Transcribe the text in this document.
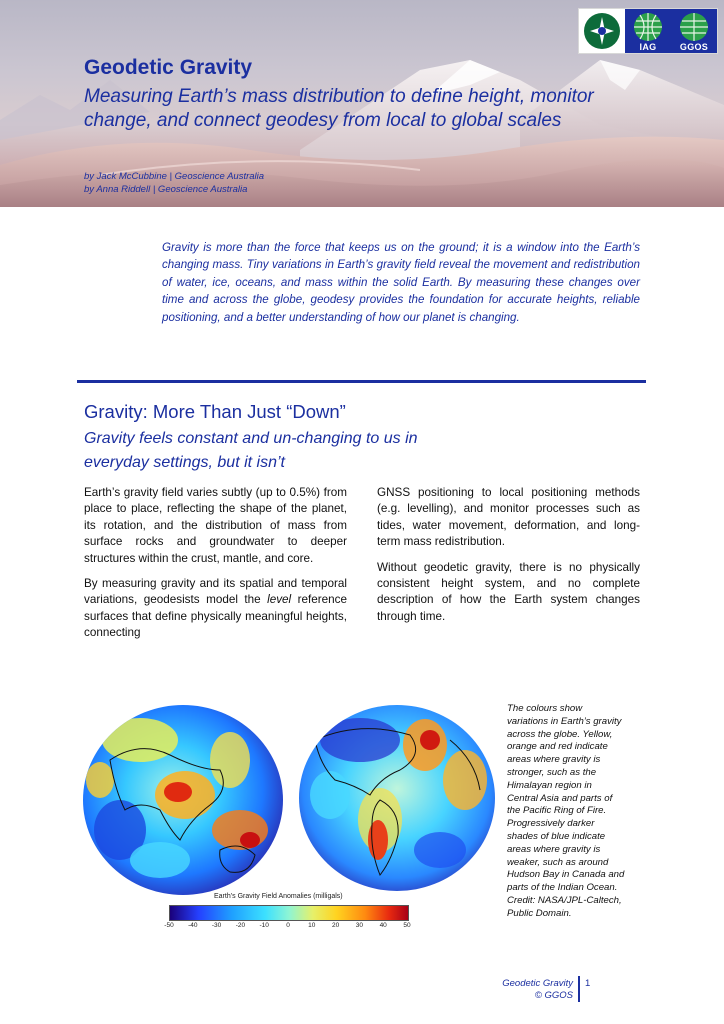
IAG	GGOS
Geodetic Gravity

Measuring Earth’s mass distribution to define height, monitor change, and connect geodesy from local to global scales

by Jack McCubbine | Geoscience Australia
by Anna Riddell | Geoscience Australia

Gravity is more than the force that keeps us on the ground; it is a window into the Earth’s changing mass. Tiny variations in Earth’s gravity field reveal the movement and redistribution of water, ice, oceans, and mass within the solid Earth. By measuring these changes over time and across the globe, geodesy provides the foundation for accurate heights, reliable positioning, and a better understanding of how our planet is changing.

Gravity: More Than Just “Down”

Gravity feels constant and un-changing to us in everyday settings, but it isn’t

Earth’s gravity field varies subtly (up to 0.5%) from place to place, reflecting the shape of the planet, its rotation, and the distribution of mass from surface rocks and groundwater to deeper structures within the crust, mantle, and core.

By measuring gravity and its spatial and temporal variations, geodesists model the level reference surfaces that define physically meaningful heights, connecting

GNSS positioning to local positioning methods (e.g. levelling), and monitor processes such as tides, water movement, deformation, and long-term mass redistribution.

Without geodetic gravity, there is no physically consistent height system, and no complete description of how the Earth system changes through time.

Earth’s Gravity Field Anomalies (milligals)
-50 -40 -30 -20 -10	0	10	20	30	40	50

The colours show variations in Earth’s gravity across the globe. Yellow, orange and red indicate areas where gravity is stronger, such as the Himalayan region in Central Asia and parts of the Pacific Ring of Fire. Progressively darker shades of blue indicate areas where gravity is weaker, such as around Hudson Bay in Canada and parts of the Indian Ocean. Credit: NASA/JPL-Caltech, Public Domain.

Geodetic Gravity
© GGOS
1
